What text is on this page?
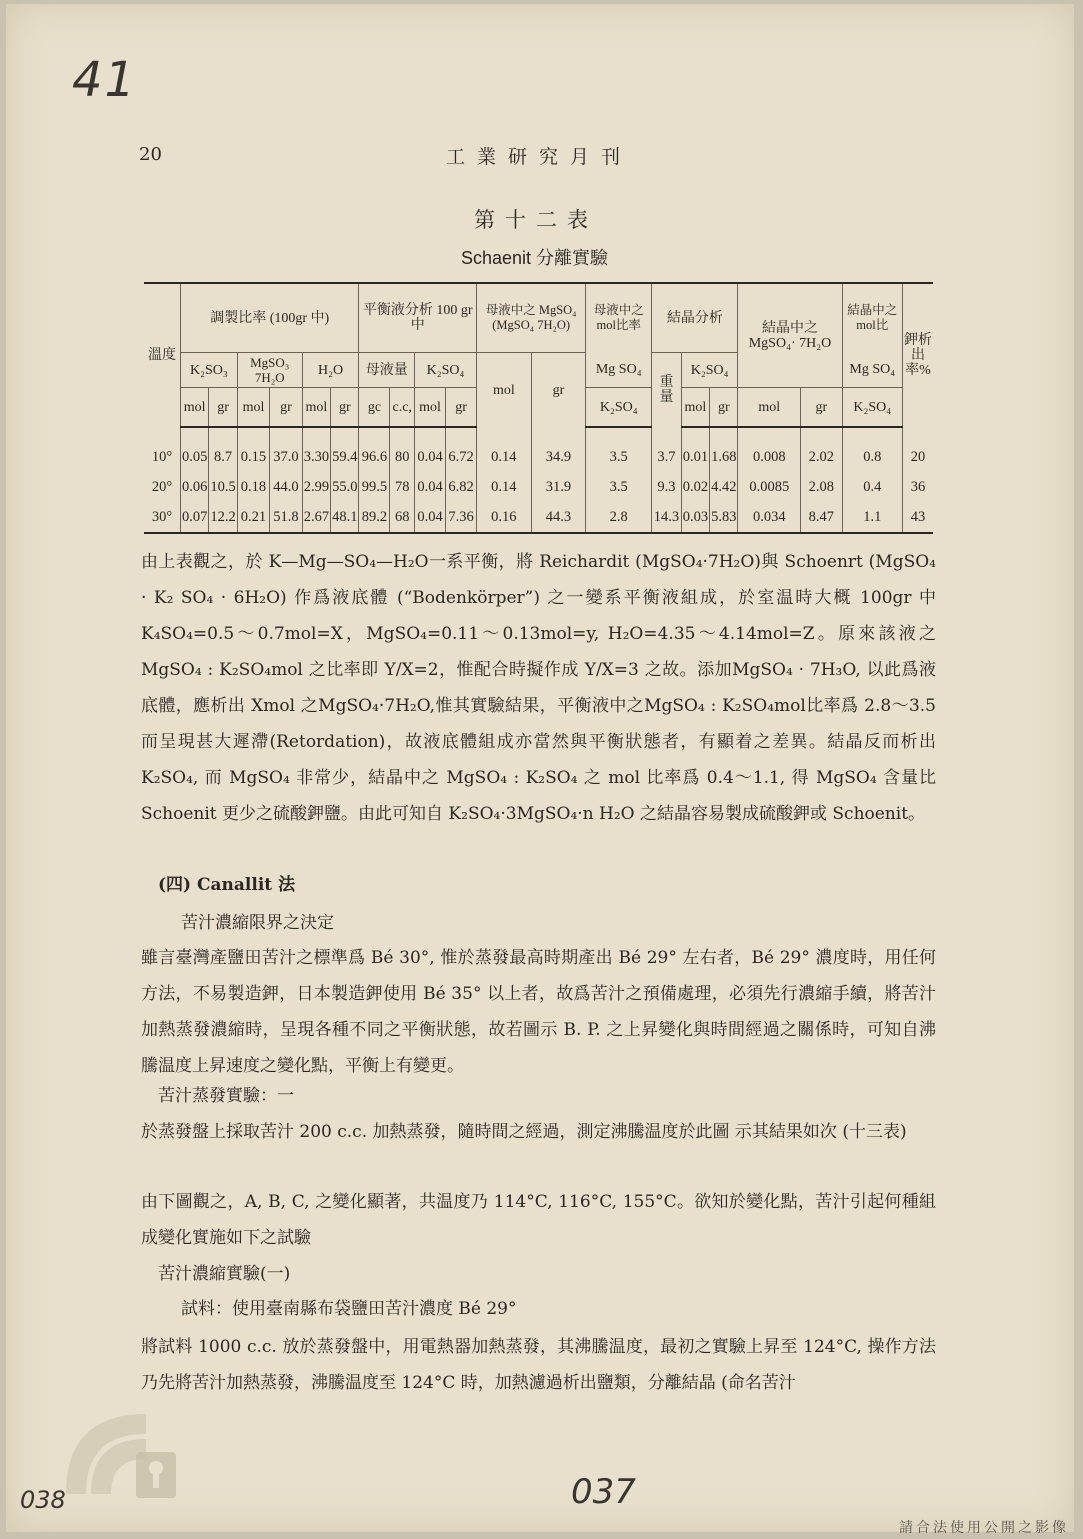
41
20	工業研究月刊
第十二表
Schaenit 分離實驗
溫度	調製比率 (100gr 中)						平衡液分析 100 gr 中				母液中之 MgSO₄ (MgSO₄ 7H₂O)		母液中之mol比率	結晶分析			結晶中之 MgSO₄· 7H₂O		結晶中之mol比	鉀析出率%
	K₂SO₃		MgSO₃ 7H₂O		H₂O		母液量		K₂SO₄		mol	gr	Mg SO₄	重量	K₂SO₄				Mg SO₄	
	mol	gr	mol	gr	mol	gr	gc	c.c,	mol	gr			K₂SO₄		mol	gr	mol	gr	K₂SO₄	

10°	0.05	8.7	0.15	37.0	3.30	59.4	96.6	80	0.04	6.72	0.14	34.9	3.5	3.7	0.01	1.68	0.008	2.02	0.8	20
20°	0.06	10.5	0.18	44.0	2.99	55.0	99.5	78	0.04	6.82	0.14	31.9	3.5	9.3	0.02	4.42	0.0085	2.08	0.4	36
30°	0.07	12.2	0.21	51.8	2.67	48.1	89.2	68	0.04	7.36	0.16	44.3	2.8	14.3	0.03	5.83	0.034	8.47	1.1	43
由上表觀之，於 K—Mg—SO₄—H₂O一系平衡，將 Reichardit (MgSO₄·7H₂O)與 Schoenrt (MgSO₄ · K₂ SO₄ · 6H₂O) 作爲液底體 (“Bodenkörper”) 之一變系平衡液組成，於室温時大概 100gr 中 K₄SO₄=0.5～0.7mol=X，MgSO₄=0.11～0.13mol=y, H₂O=4.35～4.14mol=Z。原來該液之 MgSO₄ : K₂SO₄mol 之比率即 Y/X=2，惟配合時擬作成 Y/X=3 之故。添加MgSO₄ · 7H₃O, 以此爲液底體，應析出 Xmol 之MgSO₄·7H₂O,惟其實驗結果，平衡液中之MgSO₄ : K₂SO₄mol比率爲 2.8～3.5 而呈現甚大遲滯(Retordation)，故液底體組成亦當然與平衡狀態者，有顯着之差異。結晶反而析出 K₂SO₄, 而 MgSO₄ 非常少，結晶中之 MgSO₄ : K₂SO₄ 之 mol 比率爲 0.4～1.1, 得 MgSO₄ 含量比 Schoenit 更少之硫酸鉀鹽。由此可知自 K₂SO₄·3MgSO₄·n H₂O 之結晶容易製成硫酸鉀或 Schoenit。
(四) Canallit 法
苦汁濃縮限界之決定
雖言臺灣產鹽田苦汁之標準爲 Bé 30°, 惟於蒸發最高時期產出 Bé 29° 左右者，Bé 29° 濃度時，用任何方法，不易製造鉀，日本製造鉀使用 Bé 35° 以上者，故爲苦汁之預備處理，必須先行濃縮手續，將苦汁加熱蒸發濃縮時，呈現各種不同之平衡狀態，故若圖示 B. P. 之上昇變化與時間經過之關係時，可知自沸騰温度上昇速度之變化點，平衡上有變更。
苦汁蒸發實驗：一
於蒸發盤上採取苦汁 200 c.c. 加熱蒸發，隨時間之經過，測定沸騰温度於此圖 示其結果如次 (十三表)
由下圖觀之，A, B, C, 之變化顯著，共温度乃 114°C, 116°C, 155°C。欲知於變化點，苦汁引起何種組成變化實施如下之試驗
苦汁濃縮實驗(一)
試料：使用臺南縣布袋鹽田苦汁濃度 Bé 29°
將試料 1000 c.c. 放於蒸發盤中，用電熱器加熱蒸發，其沸騰温度，最初之實驗上昇至 124°C, 操作方法乃先將苦汁加熱蒸發，沸騰温度至 124°C 時，加熱濾過析出鹽類，分離結晶 (命名苦汁
038	037
請合法使用公開之影像
